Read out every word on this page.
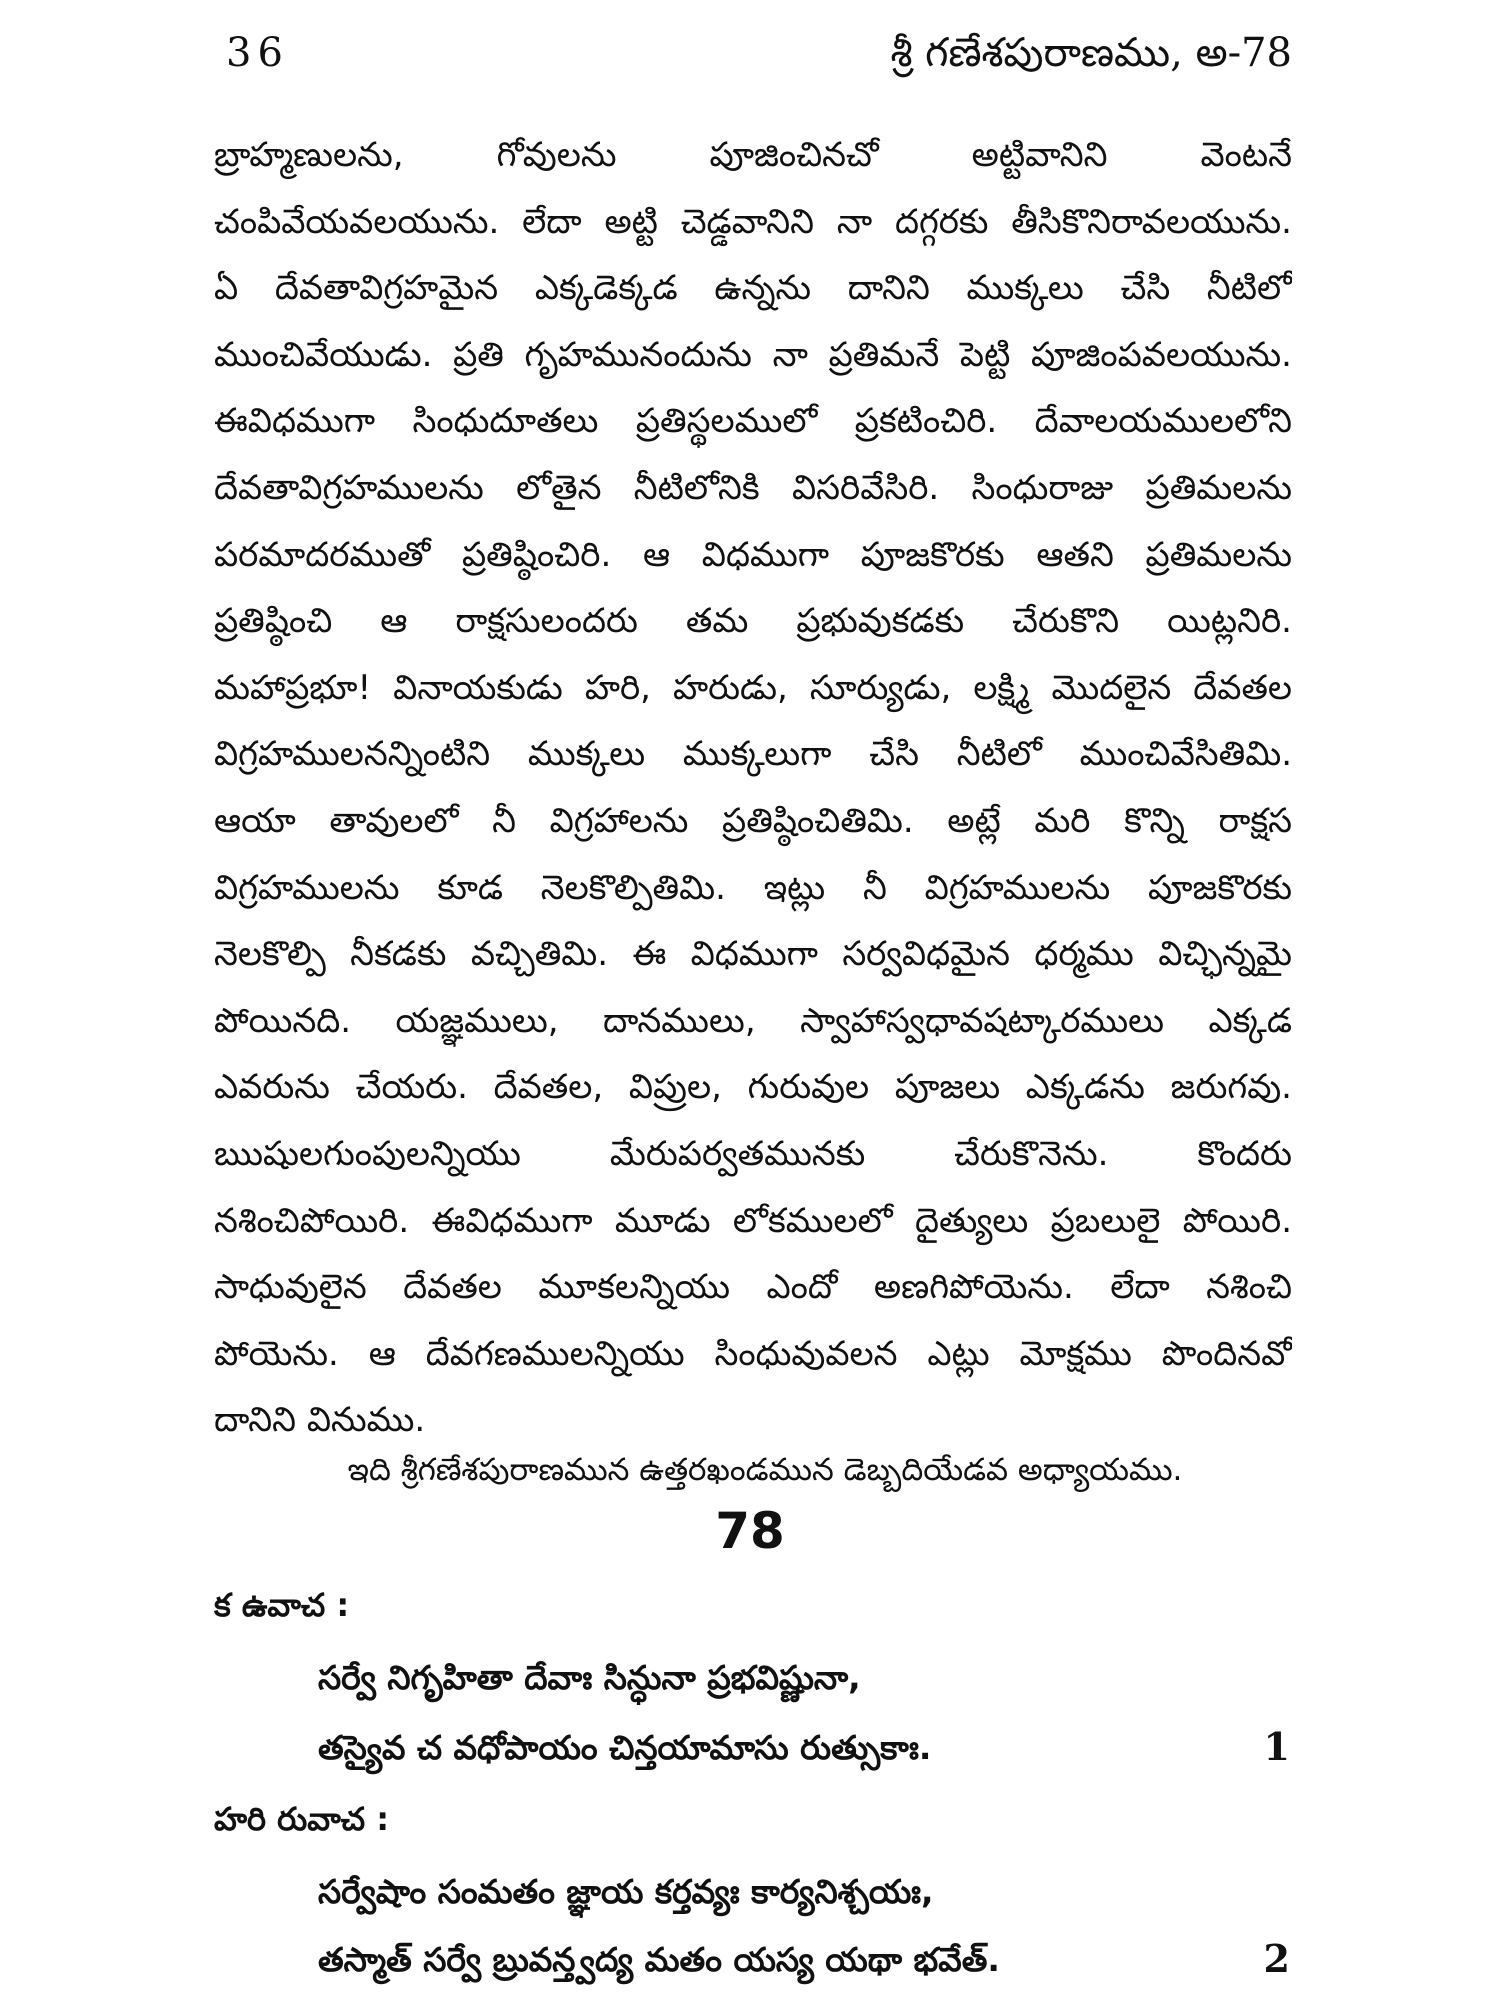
36	శ్రీ గణేశపురాణము, అ-78
బ్రాహ్మణులను, గోవులను పూజించినచో అట్టివానిని వెంటనే
చంపివేయవలయును. లేదా అట్టి చెడ్డవానిని నా దగ్గరకు తీసికొనిరావలయును.
ఏ దేవతావిగ్రహమైన ఎక్కడెక్కడ ఉన్నను దానిని ముక్కలు చేసి నీటిలో
ముంచివేయుడు. ప్రతి గృహమునందును నా ప్రతిమనే పెట్టి పూజింపవలయును.
ఈవిధముగా సింధుదూతలు ప్రతిస్థలములో ప్రకటించిరి. దేవాలయములలోని
దేవతావిగ్రహములను లోతైన నీటిలోనికి విసరివేసిరి. సింధురాజు ప్రతిమలను
పరమాదరముతో ప్రతిష్ఠించిరి. ఆ విధముగా పూజకొరకు ఆతని ప్రతిమలను
ప్రతిష్ఠించి ఆ రాక్షసులందరు తమ ప్రభువుకడకు చేరుకొని యిట్లనిరి.
మహాప్రభూ! వినాయకుడు హరి, హరుడు, సూర్యుడు, లక్ష్మి మొదలైన దేవతల
విగ్రహములనన్నింటిని ముక్కలు ముక్కలుగా చేసి నీటిలో ముంచివేసితిమి.
ఆయా తావులలో నీ విగ్రహాలను ప్రతిష్ఠించితిమి. అట్లే మరి కొన్ని రాక్షస
విగ్రహములను కూడ నెలకొల్పితిమి. ఇట్లు నీ విగ్రహములను పూజకొరకు
నెలకొల్పి నీకడకు వచ్చితిమి. ఈ విధముగా సర్వవిధమైన ధర్మము విచ్ఛిన్నమై
పోయినది. యజ్ఞములు, దానములు, స్వాహాస్వధావషట్కారములు ఎక్కడ
ఎవరును చేయరు. దేవతల, విప్రుల, గురువుల పూజలు ఎక్కడను జరుగవు.
ఋషులగుంపులన్నియు మేరుపర్వతమునకు చేరుకొనెను. కొందరు
నశించిపోయిరి. ఈవిధముగా మూడు లోకములలో దైత్యులు ప్రబలులై పోయిరి.
సాధువులైన దేవతల మూకలన్నియు ఎందో అణగిపోయెను. లేదా నశించి
పోయెను. ఆ దేవగణములన్నియు సింధువువలన ఎట్లు మోక్షము పొందినవో
దానిని వినుము.
ఇది శ్రీగణేశపురాణమున ఉత్తరఖండమున డెబ్బదియేడవ అధ్యాయము.
78
క ఉవాచ :
సర్వే నిగృహితా దేవాః సిన్ధునా ప్రభవిష్ణునా,
తస్యైవ చ వధోపాయం చిన్తయామాసు రుత్సుకాః.	1
హరి రువాచ :
సర్వేషాం సంమతం జ్ఞాయ కర్తవ్యః కార్యనిశ్చయః,
తస్మాత్ సర్వే బ్రువన్త్వద్య మతం యస్య యథా భవేత్.	2
